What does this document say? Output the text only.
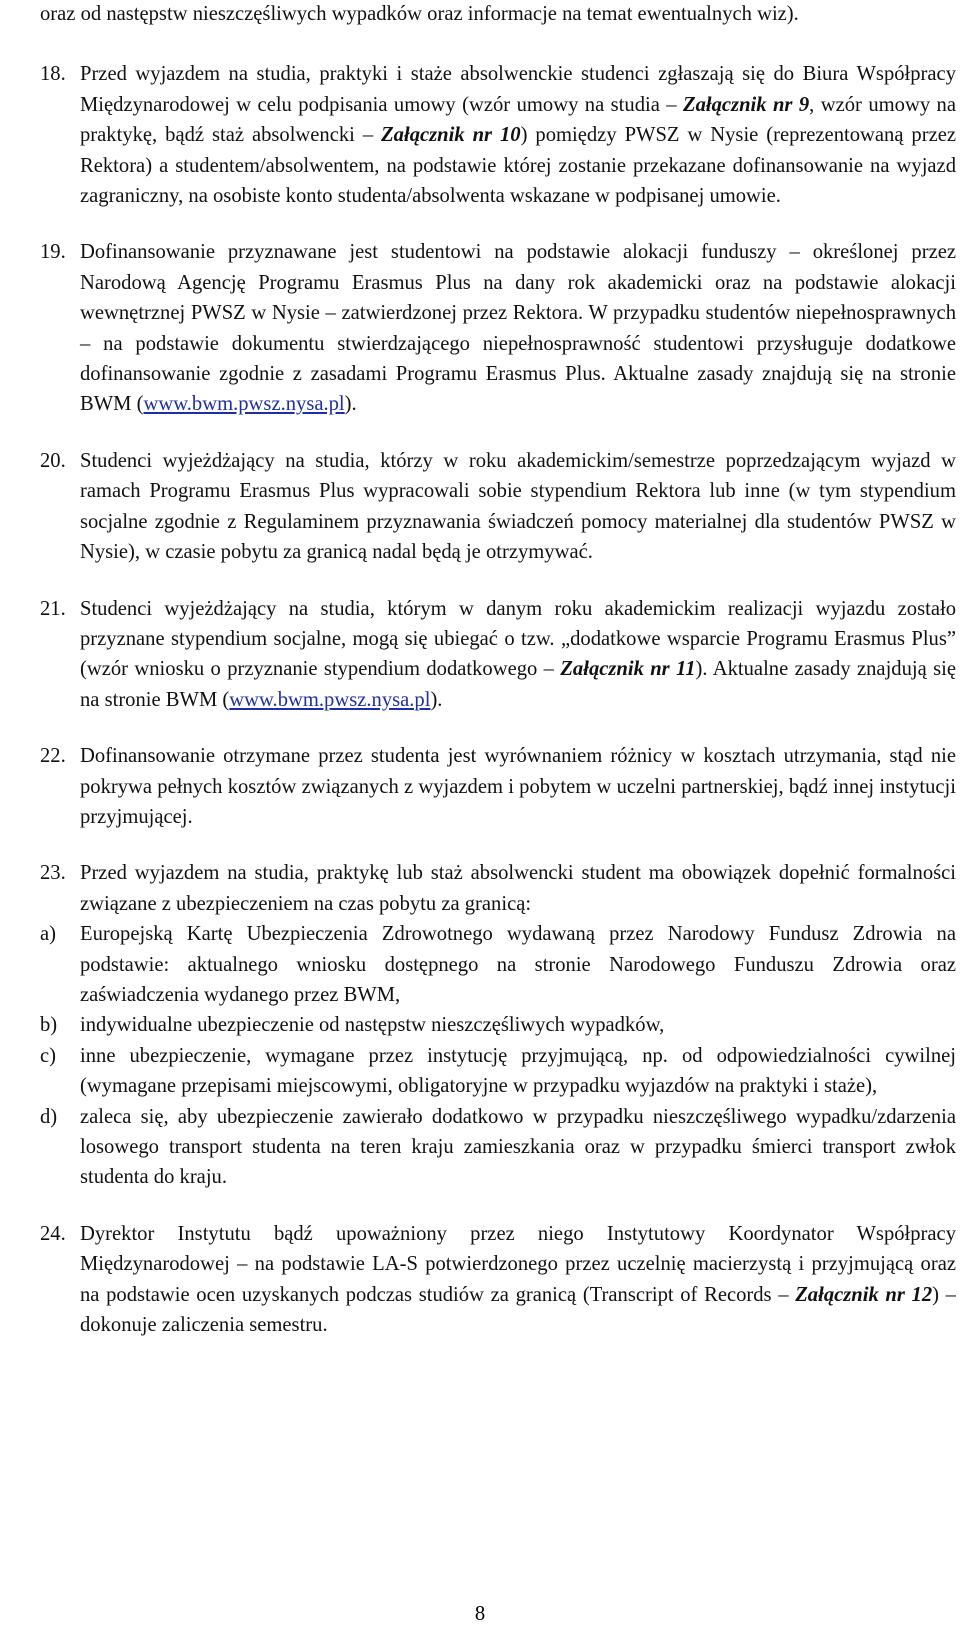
oraz od następstw nieszczęśliwych wypadków oraz informacje na temat ewentualnych wiz).

18. Przed wyjazdem na studia, praktyki i staże absolwenckie studenci zgłaszają się do Biura Współpracy Międzynarodowej w celu podpisania umowy (wzór umowy na studia – Załącznik nr 9, wzór umowy na praktykę, bądź staż absolwencki – Załącznik nr 10) pomiędzy PWSZ w Nysie (reprezentowaną przez Rektora) a studentem/absolwentem, na podstawie której zostanie przekazane dofinansowanie na wyjazd zagraniczny, na osobiste konto studenta/absolwenta wskazane w podpisanej umowie.

19. Dofinansowanie przyznawane jest studentowi na podstawie alokacji funduszy – określonej przez Narodową Agencję Programu Erasmus Plus na dany rok akademicki oraz na podstawie alokacji wewnętrznej PWSZ w Nysie – zatwierdzonej przez Rektora. W przypadku studentów niepełnosprawnych – na podstawie dokumentu stwierdzającego niepełnosprawność studentowi przysługuje dodatkowe dofinansowanie zgodnie z zasadami Programu Erasmus Plus. Aktualne zasady znajdują się na stronie BWM (www.bwm.pwsz.nysa.pl).

20. Studenci wyjeżdżający na studia, którzy w roku akademickim/semestrze poprzedzającym wyjazd w ramach Programu Erasmus Plus wypracowali sobie stypendium Rektora lub inne (w tym stypendium socjalne zgodnie z Regulaminem przyznawania świadczeń pomocy materialnej dla studentów PWSZ w Nysie), w czasie pobytu za granicą nadal będą je otrzymywać.

21. Studenci wyjeżdżający na studia, którym w danym roku akademickim realizacji wyjazdu zostało przyznane stypendium socjalne, mogą się ubiegać o tzw. „dodatkowe wsparcie Programu Erasmus Plus” (wzór wniosku o przyznanie stypendium dodatkowego – Załącznik nr 11). Aktualne zasady znajdują się na stronie BWM (www.bwm.pwsz.nysa.pl).

22. Dofinansowanie otrzymane przez studenta jest wyrównaniem różnicy w kosztach utrzymania, stąd nie pokrywa pełnych kosztów związanych z wyjazdem i pobytem w uczelni partnerskiej, bądź innej instytucji przyjmującej.

23. Przed wyjazdem na studia, praktykę lub staż absolwencki student ma obowiązek dopełnić formalności związane z ubezpieczeniem na czas pobytu za granicą:

a) Europejską Kartę Ubezpieczenia Zdrowotnego wydawaną przez Narodowy Fundusz Zdrowia na podstawie: aktualnego wniosku dostępnego na stronie Narodowego Funduszu Zdrowia oraz zaświadczenia wydanego przez BWM,

b) indywidualne ubezpieczenie od następstw nieszczęśliwych wypadków,

c) inne ubezpieczenie, wymagane przez instytucję przyjmującą, np. od odpowiedzialności cywilnej (wymagane przepisami miejscowymi, obligatoryjne w przypadku wyjazdów na praktyki i staże),

d) zaleca się, aby ubezpieczenie zawierało dodatkowo w przypadku nieszczęśliwego wypadku/zdarzenia losowego transport studenta na teren kraju zamieszkania oraz w przypadku śmierci transport zwłok studenta do kraju.

24. Dyrektor Instytutu bądź upoważniony przez niego Instytutowy Koordynator Współpracy Międzynarodowej – na podstawie LA-S potwierdzonego przez uczelnię macierzystą i przyjmującą oraz na podstawie ocen uzyskanych podczas studiów za granicą (Transcript of Records – Załącznik nr 12) – dokonuje zaliczenia semestru.

8
